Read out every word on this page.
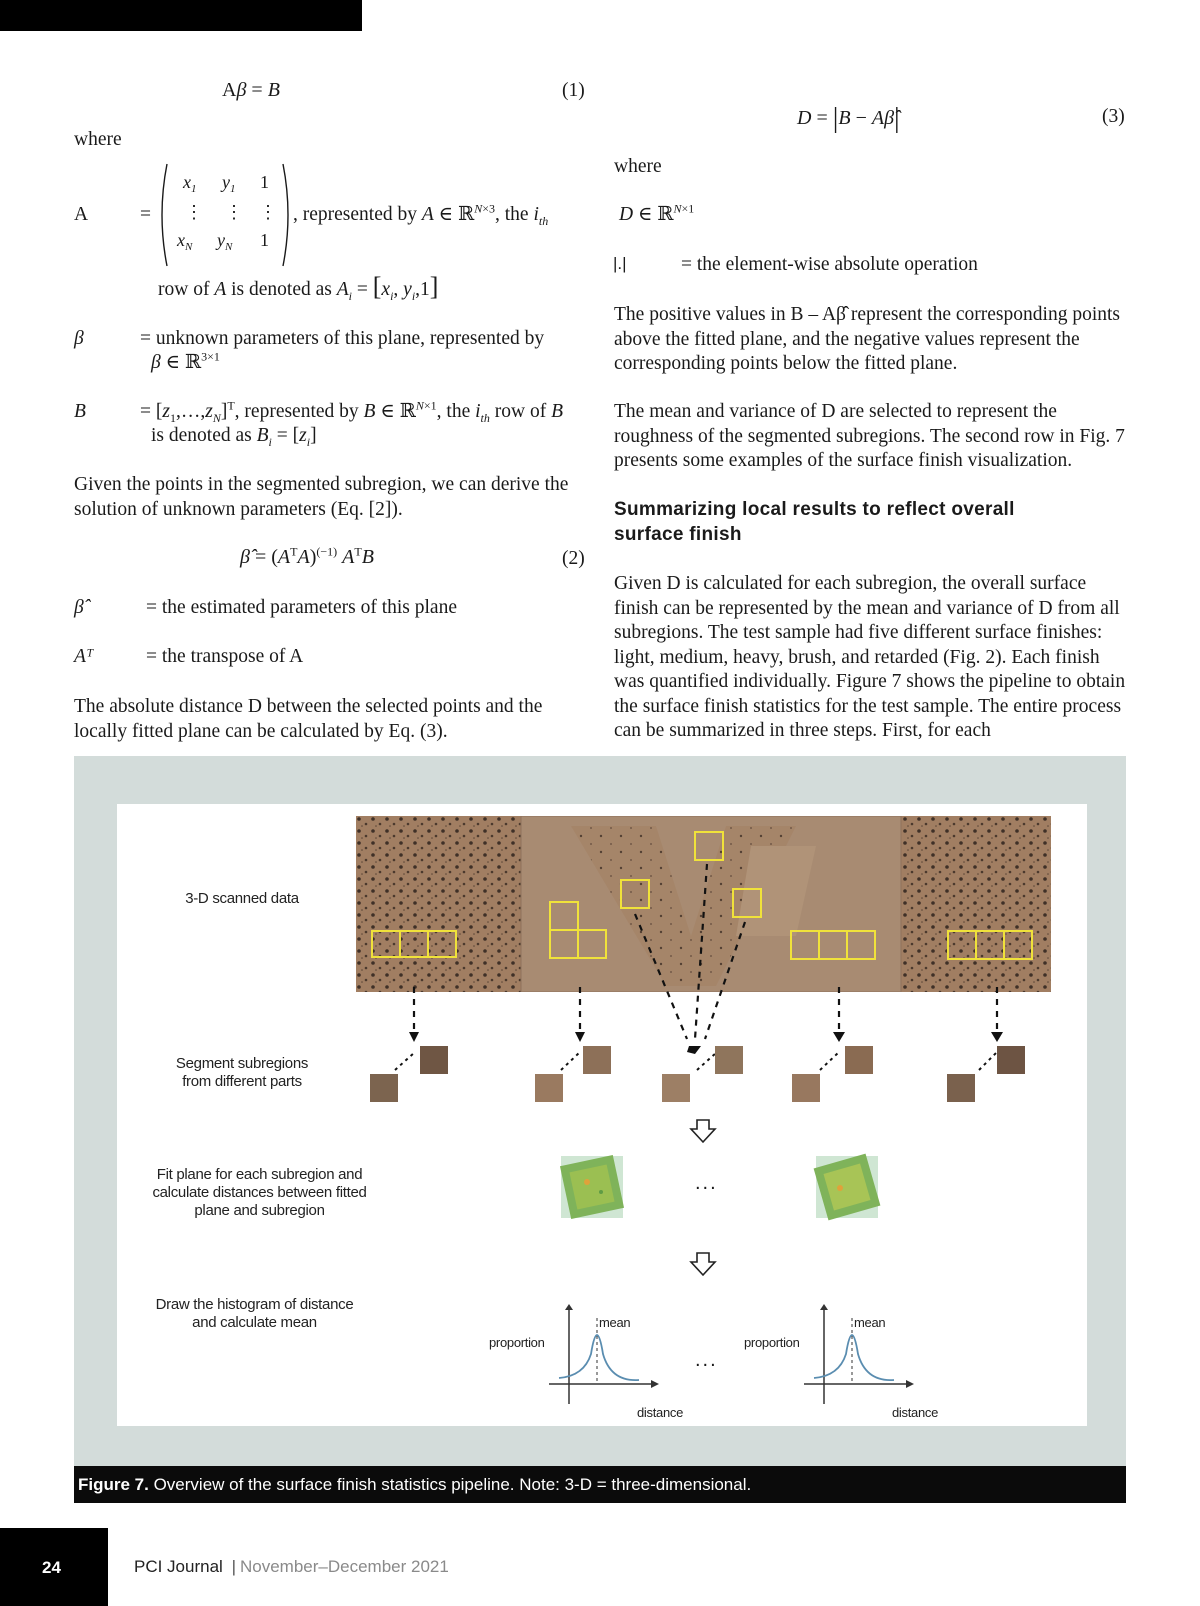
Aβ = B	(1)
where
A	=
$x_1$ $y_1$ 1
⋮ ⋮ ⋮
$x_N$ $y_N$ 1
, represented by A ∈ ℝ$^{N\times 3}$, the $i_{th}$
row of A is denoted as $A_i = [x_i$, $y_i,1$]
β	= unknown parameters of this plane, represented by
β ∈ ℝ$^{3\times 1}$
B	= $[z_1,\dots,z_N]^T$, represented by B ∈ ℝ$^{N\times 1}$, the $i_{th}$ row of B
is denoted as $B_i = [z_i]$
Given the points in the segmented subregion, we can derive the solution of unknown parameters (Eq. [2]).
β̂ = $(A^TA)^{(-1)}$ $A^TB$	(2)
β̂	= the estimated parameters of this plane
Aᵀ	= the transpose of A
The absolute distance D between the selected points and the locally fitted plane can be calculated by Eq. (3).
D = |B − Aβ̂|	(3)
where
D ∈ ℝ$^{N\times 1}$
|.|	= the element-wise absolute operation
The positive values in B – Aβ̂ represent the corresponding points above the fitted plane, and the negative values represent the corresponding points below the fitted plane.
The mean and variance of D are selected to represent the roughness of the segmented subregions. The second row in Fig. 7 presents some examples of the surface finish visualization.
Summarizing local results to reflect overall surface finish
Given D is calculated for each subregion, the overall surface finish can be represented by the mean and variance of D from all subregions. The test sample had five different surface finishes: light, medium, heavy, brush, and retarded (Fig. 2). Each finish was quantified individually. Figure 7 shows the pipeline to obtain the surface finish statistics for the test sample. The entire process can be summarized in three steps. First, for each
...
proportion
mean
distance
...
proportion
mean
distance
3-D scanned data
Segment subregions from different parts
Fit plane for each subregion and calculate distances between fitted plane and subregion
Draw the histogram of distance and calculate mean
Figure 7. Overview of the surface finish statistics pipeline. Note: 3-D = three-dimensional.
24	PCI Journal | November–December 2021
